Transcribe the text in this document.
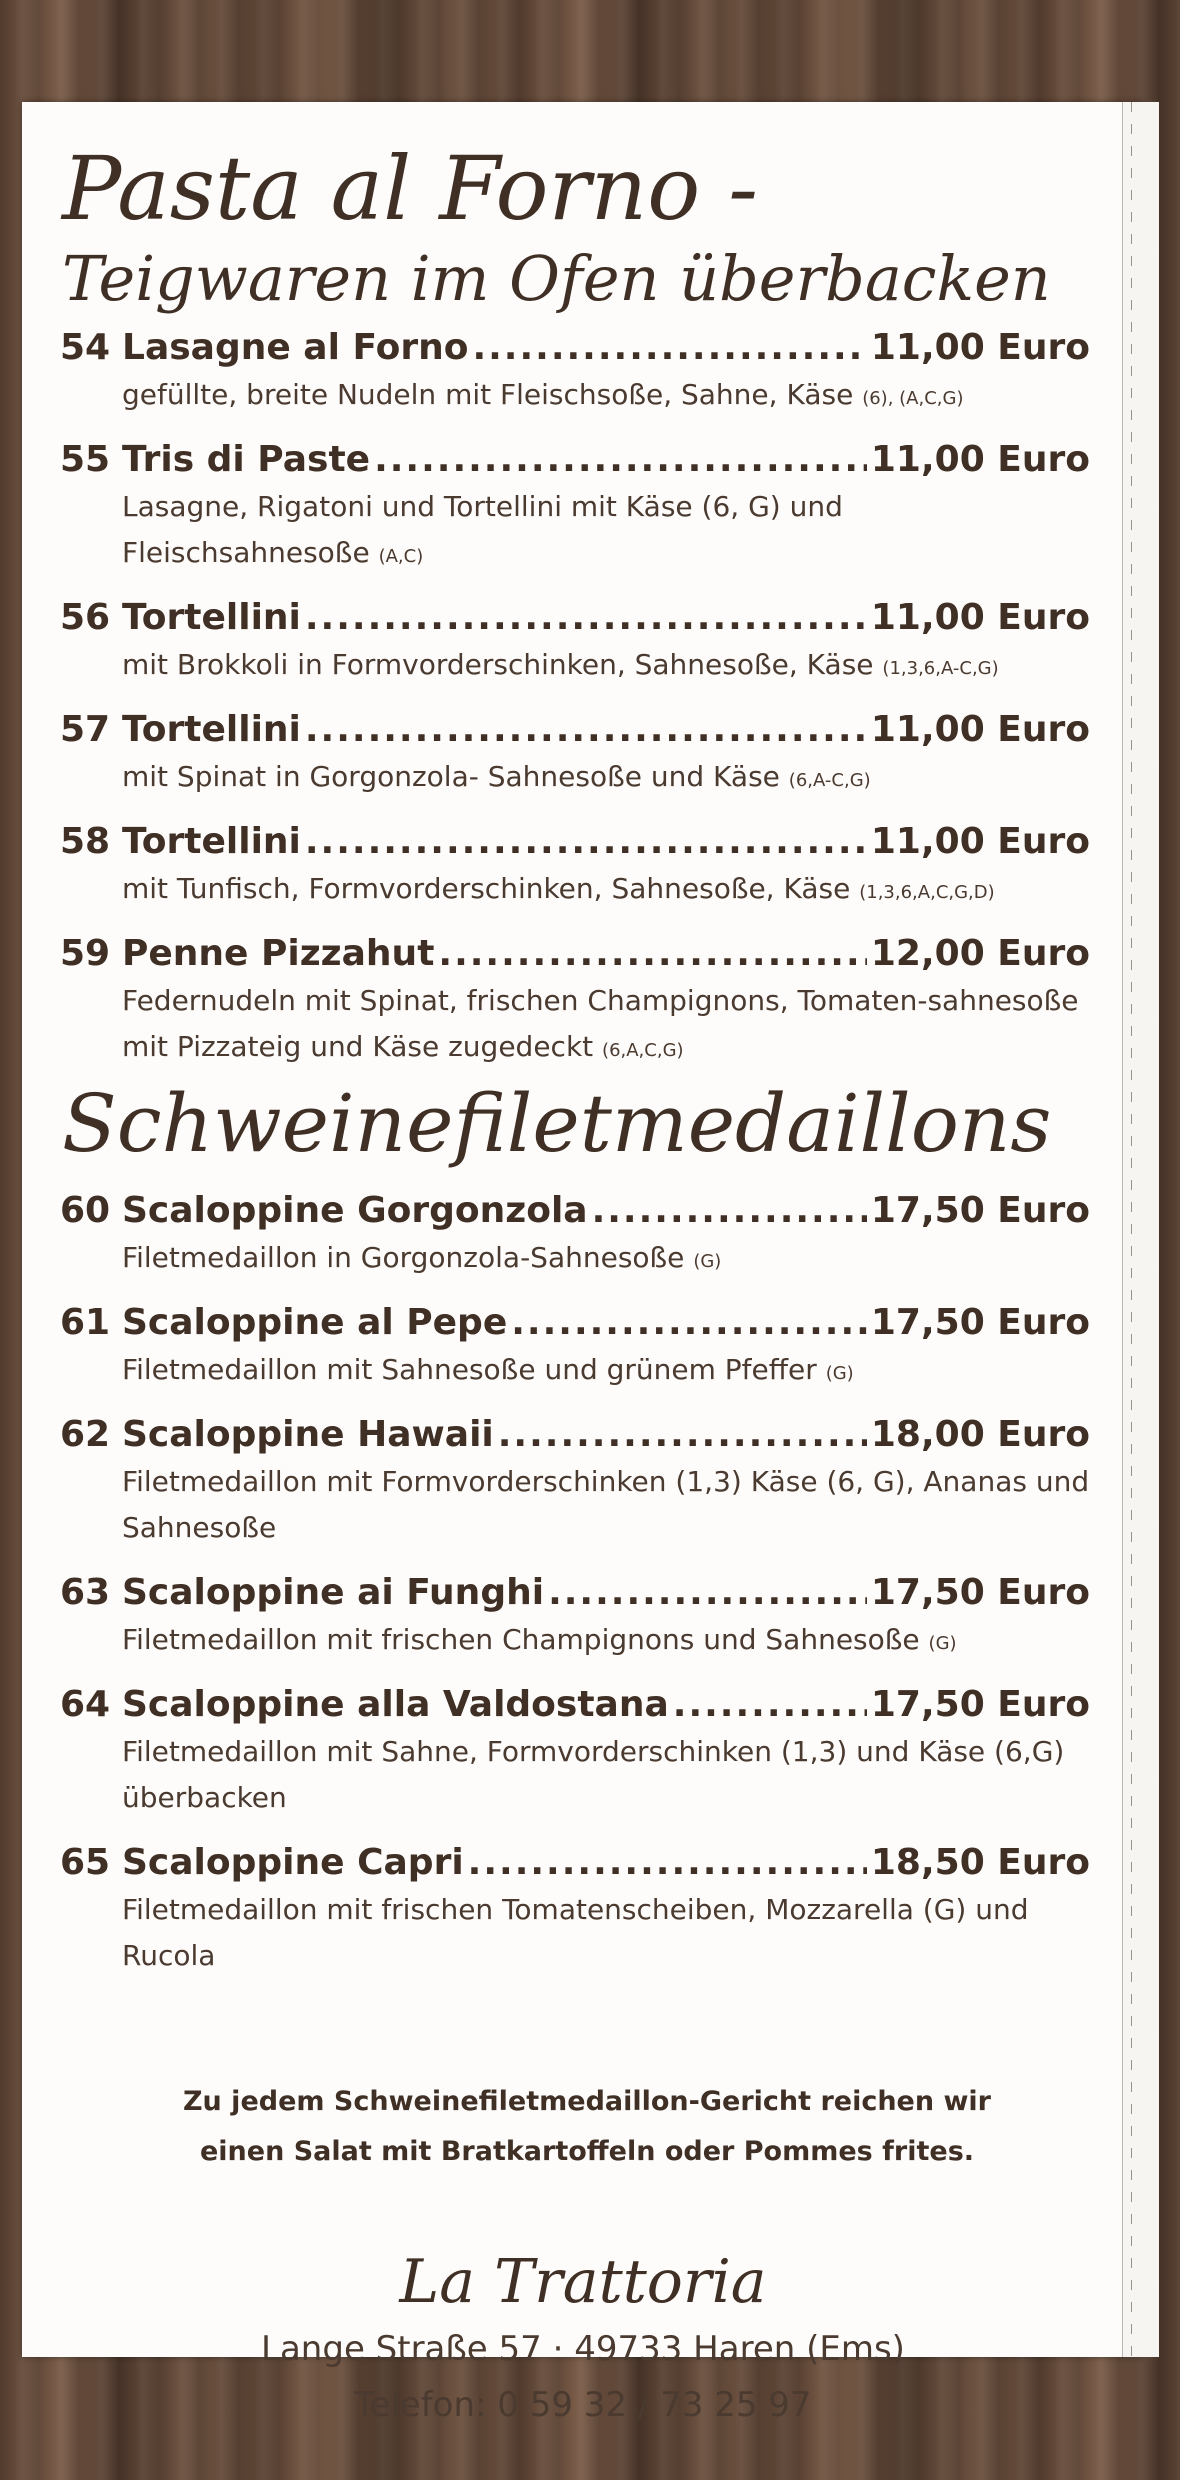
Pasta al Forno -
Teigwaren im Ofen überbacken
54 Lasagne al Forno .....	11,00 Euro
gefüllte, breite Nudeln mit Fleischsoße, Sahne, Käse (6), (A,C,G)
55 Tris di Paste .....	11,00 Euro
Lasagne, Rigatoni und Tortellini mit Käse (6, G) und Fleischsahnesoße (A,C)
56 Tortellini .....	11,00 Euro
mit Brokkoli in Formvorderschinken, Sahnesoße, Käse (1,3,6,A-C,G)
57 Tortellini .....	11,00 Euro
mit Spinat in Gorgonzola- Sahnesoße und Käse (6,A-C,G)
58 Tortellini .....	11,00 Euro
mit Tunfisch, Formvorderschinken, Sahnesoße, Käse (1,3,6,A,C,G,D)
59 Penne Pizzahut .....	12,00 Euro
Federnudeln mit Spinat, frischen Champignons, Tomaten-sahnesoße mit Pizzateig und Käse zugedeckt (6,A,C,G)
Schweinefiletmedaillons
60 Scaloppine Gorgonzola .....	17,50 Euro
Filetmedaillon in Gorgonzola-Sahnesoße (G)
61 Scaloppine al Pepe .....	17,50 Euro
Filetmedaillon mit Sahnesoße und grünem Pfeffer (G)
62 Scaloppine Hawaii .....	18,00 Euro
Filetmedaillon mit Formvorderschinken (1,3) Käse (6, G), Ananas und Sahnesoße
63 Scaloppine ai Funghi .....	17,50 Euro
Filetmedaillon mit frischen Champignons und Sahnesoße (G)
64 Scaloppine alla Valdostana .....	17,50 Euro
Filetmedaillon mit Sahne, Formvorderschinken (1,3) und Käse (6,G) überbacken
65 Scaloppine Capri .....	18,50 Euro
Filetmedaillon mit frischen Tomatenscheiben, Mozzarella (G) und Rucola
Zu jedem Schweinefiletmedaillon-Gericht reichen wir
einen Salat mit Bratkartoffeln oder Pommes frites.
La Trattoria
Lange Straße 57 · 49733 Haren (Ems)
Telefon: 0 59 32 / 73 25 97
